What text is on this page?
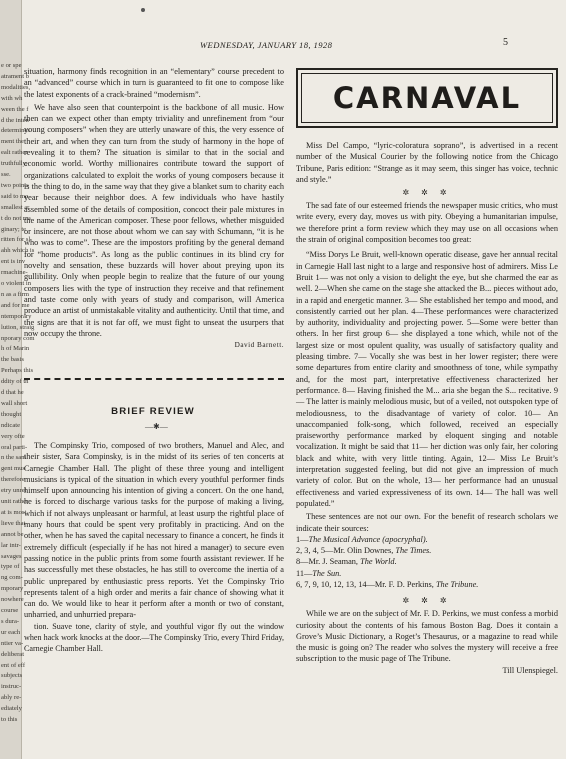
e or spe
atrament b
modalities,
with wh
ween the f
d the inten
determines
ment the
ealt rather
truthfully,
sse.
two points
said to mo
smallest ar
t do not ma
ginary; te
ritten for sl
ahh which is
ent is inv
rmachine-
o violent in
n as a firm
and for me
ntemporary
lution, straig
nporary com
h of Marin
the basis
Perhaps this
ddity of th
d that he
wall short
thought
ndicate
very ofte
oral parti-
n the sam
gent mus
therefore
etry unrel
unit rather
at is most
lieve that
annot be
lar intr-
savages
type of
ng com-
mporary
nowhere
course
s dura-
ur each
ntier va-
deliberat
ent of eff
subjects
instruc-
ably re-
ediately
to this
WEDNESDAY, JANUARY 18, 1928	5

situation, harmony finds recognition in an “elementary” course precedent to an “advanced” course which in turn is guaranteed to fit one to compose like the latest exponents of a crack-brained “modernism”.

We have also seen that counterpoint is the backbone of all music. How then can we expect other than empty triviality and unrefinement from “our young composers” when they are utterly unaware of this, the very essence of their art, and when they can turn from the study of harmony in the hope of revealing it to them? The situation is similar to that in the social and economic world. Worthy millionaires contribute toward the support of organizations calculated to exploit the works of young composers because it is the thing to do, in the same way that they give a blanket sum to charity each year because their neighbor does. A few individuals who have hastily assembled some of the details of composition, concoct their pale mixtures in the name of the American composer. These poor fellows, whether misguided or insincere, are not those about whom we can say with Schumann, “it is he who was to come”. These are the impostors profiting by the general demand for “home products”. As long as the public continues in its blind cry for novelty and sensation, these buzzards will hover about preying upon its gullibility. Only when people begin to realize that the future of our young composers lies with the type of instruction they receive and that refinement and taste come only with years of study and comparison, will America produce an artist of unmistakable vitality and authenticity. Until that time, and the signs are that it is not far off, we must fight to unseat the usurpers that now occupy the throne.

David Barnett.

BRIEF REVIEW
—✱—

The Compinsky Trio, composed of two brothers, Manuel and Alec, and their sister, Sara Compinsky, is in the midst of its series of ten concerts at Carnegie Chamber Hall. The plight of these three young and intelligent musicians is typical of the situation in which every youthful performer finds himself upon announcing his intention of giving a concert. On the one hand, he is forced to discharge various tasks for the purpose of making a living, which if not always unpleasant or harmful, at least usurp the rightful place of many hours that could be spent very profitably in practicing. And on the other, when he has saved the capital necessary to finance a concert, he finds it extremely difficult (especially if he has not hired a manager) to secure even passing notice in the public prints from some fourth assistant reviewer. If he has successfully met these obstacles, he has still to overcome the inertia of a public unprepared by enthusiastic press reports. Yet the Compinsky Trio represents talent of a high order and merits a fair chance of showing what it can do. We would like to hear it perform after a month or two of constant, unharried, and unhurried prepara-

tion. Suave tone, clarity of style, and youthful vigor fly out the window when hack work knocks at the door.—The Compinsky Trio, every Third Friday, Carnegie Chamber Hall.

CARNAVAL

Miss Del Campo, “lyric-coloratura soprano”, is advertised in a recent number of the Musical Courier by the following notice from the Chicago Tribune, Paris edition: “Strange as it may seem, this singer has voice, technic and style.”

✲ ✲ ✲

The sad fate of our esteemed friends the newspaper music critics, who must write every, every day, moves us with pity. Obeying a humanitarian impulse, we therefore print a form review which they may use on all occasions when the strain of original composition becomes too great:

“Miss Dorys Le Bruit, well-known operatic disease, gave her annual recital in Carnegie Hall last night to a large and responsive host of admirers. Miss Le Bruit 1— was not only a vision to delight the eye, but she charmed the ear as well. 2—When she came on the stage she attacked the B... pieces without ado, in a rapid and energetic manner. 3— She established her tempo and mood, and consistently carried out her plan. 4—These performances were characterized by authority, individuality and projecting power. 5—Some were better than others. In her first group 6— she displayed a tone which, while not of the largest size or most opulent quality, was usually of satisfactory quality and pleasing timbre. 7— Vocally she was best in her lower register; there were some departures from entire clarity and smoothness of tone, while sympathy and, for the most part, interpretative effectiveness characterized her performance. 8— Having finished the M... aria she began the S... recitative. 9— The latter is mainly melodious music, but of a veiled, not outspoken type of melodiousness, to the disadvantage of variety of color. 10— An unaccompanied folk-song, which followed, received an especially praiseworthy performance marked by eloquent singing and notable vocalization. It might be said that 11— her diction was only fair, her coloring black and white, with very little tinting. Again, 12— Miss Le Bruit’s interpretation suggested feeling, but did not give an impression of much variety of color. But on the whole, 13— her performance had an unusual effectiveness and varied expressiveness of its own. 14— The hall was well populated.”

These sentences are not our own. For the benefit of research scholars we indicate their sources:

1—The Musical Advance (apocryphal).

2, 3, 4, 5—Mr. Olin Downes, The Times.

8—Mr. J. Seaman, The World.

11—The Sun.

6, 7, 9, 10, 12, 13, 14—Mr. F. D. Perkins, The Tribune.

✲ ✲ ✲

While we are on the subject of Mr. F. D. Perkins, we must confess a morbid curiosity about the contents of his famous Boston Bag. Does it contain a Grove’s Music Dictionary, a Roget’s Thesaurus, or a magazine to read while the music is going on? The reader who solves the mystery will receive a free subscription to the music page of The Tribune.

Till Ulenspiegel.
